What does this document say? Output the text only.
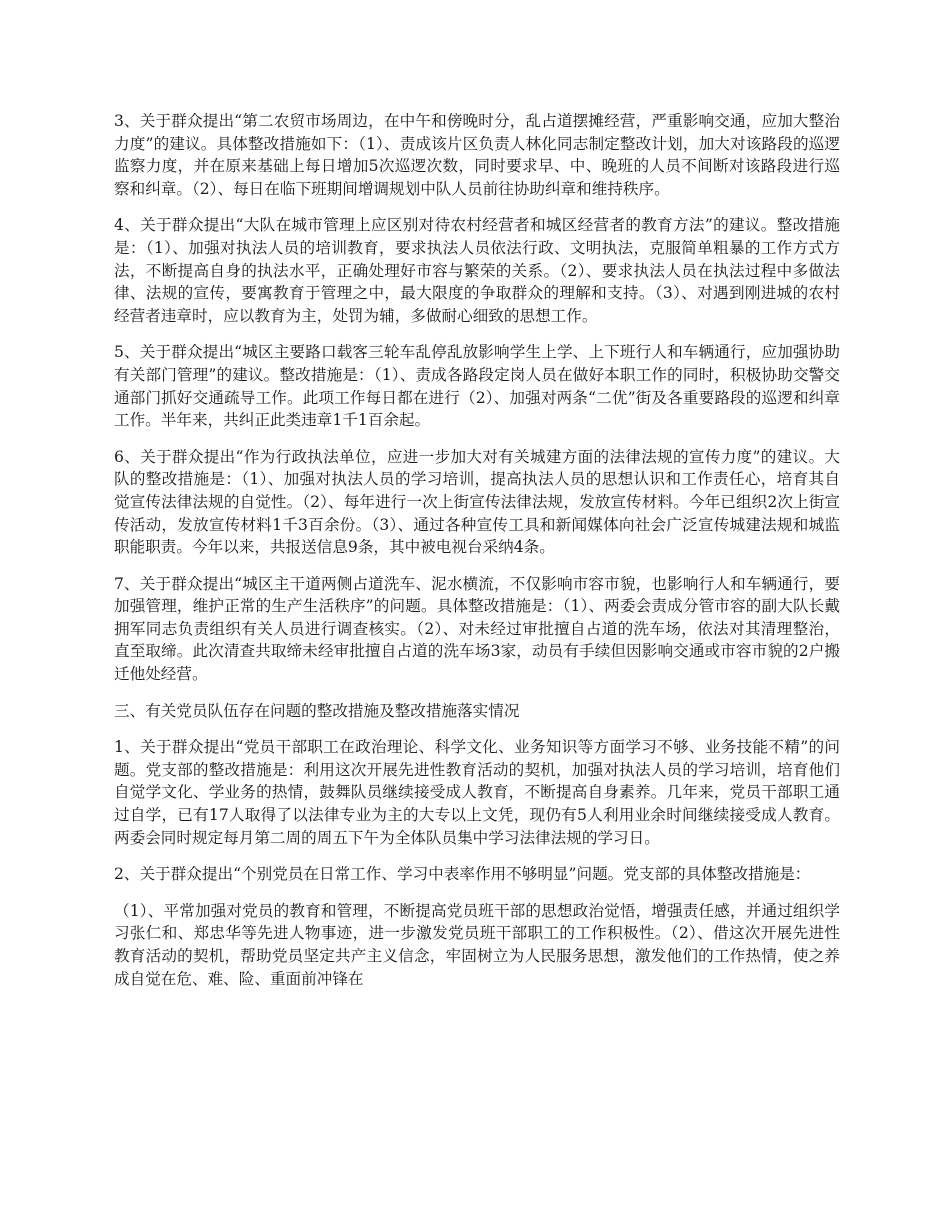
3、关于群众提出“第二农贸市场周边，在中午和傍晚时分，乱占道摆摊经营，严重影响交通，应加大整治力度”的建议。具体整改措施如下：（1）、责成该片区负责人林化同志制定整改计划，加大对该路段的巡逻监察力度，并在原来基础上每日增加5次巡逻次数，同时要求早、中、晚班的人员不间断对该路段进行巡察和纠章。（2）、每日在临下班期间增调规划中队人员前往协助纠章和维持秩序。

4、关于群众提出“大队在城市管理上应区别对待农村经营者和城区经营者的教育方法”的建议。整改措施是：（1）、加强对执法人员的培训教育，要求执法人员依法行政、文明执法，克服简单粗暴的工作方式方法，不断提高自身的执法水平，正确处理好市容与繁荣的关系。（2）、要求执法人员在执法过程中多做法律、法规的宣传，要寓教育于管理之中，最大限度的争取群众的理解和支持。（3）、对遇到刚进城的农村经营者违章时，应以教育为主，处罚为辅，多做耐心细致的思想工作。

5、关于群众提出“城区主要路口载客三轮车乱停乱放影响学生上学、上下班行人和车辆通行，应加强协助有关部门管理”的建议。整改措施是：（1）、责成各路段定岗人员在做好本职工作的同时，积极协助交警交通部门抓好交通疏导工作。此项工作每日都在进行（2）、加强对两条“二优”街及各重要路段的巡逻和纠章工作。半年来，共纠正此类违章1千1百余起。

6、关于群众提出“作为行政执法单位，应进一步加大对有关城建方面的法律法规的宣传力度”的建议。大队的整改措施是：（1）、加强对执法人员的学习培训，提高执法人员的思想认识和工作责任心，培育其自觉宣传法律法规的自觉性。（2）、每年进行一次上街宣传法律法规，发放宣传材料。今年已组织2次上街宣传活动，发放宣传材料1千3百余份。（3）、通过各种宣传工具和新闻媒体向社会广泛宣传城建法规和城监职能职责。今年以来，共报送信息9条，其中被电视台采纳4条。

7、关于群众提出“城区主干道两侧占道洗车、泥水横流，不仅影响市容市貌，也影响行人和车辆通行，要加强管理，维护正常的生产生活秩序”的问题。具体整改措施是：（1）、两委会责成分管市容的副大队长戴拥军同志负责组织有关人员进行调查核实。（2）、对未经过审批擅自占道的洗车场，依法对其清理整治，直至取缔。此次清查共取缔未经审批擅自占道的洗车场3家，动员有手续但因影响交通或市容市貌的2户搬迁他处经营。

三、有关党员队伍存在问题的整改措施及整改措施落实情况

1、关于群众提出“党员干部职工在政治理论、科学文化、业务知识等方面学习不够、业务技能不精”的问题。党支部的整改措施是：利用这次开展先进性教育活动的契机，加强对执法人员的学习培训，培育他们自觉学文化、学业务的热情，鼓舞队员继续接受成人教育，不断提高自身素养。几年来，党员干部职工通过自学，已有17人取得了以法律专业为主的大专以上文凭，现仍有5人利用业余时间继续接受成人教育。两委会同时规定每月第二周的周五下午为全体队员集中学习法律法规的学习日。

2、关于群众提出“个别党员在日常工作、学习中表率作用不够明显”问题。党支部的具体整改措施是：

（1）、平常加强对党员的教育和管理，不断提高党员班干部的思想政治觉悟，增强责任感，并通过组织学习张仁和、郑忠华等先进人物事迹，进一步激发党员班干部职工的工作积极性。（2）、借这次开展先进性教育活动的契机，帮助党员坚定共产主义信念，牢固树立为人民服务思想，激发他们的工作热情，使之养成自觉在危、难、险、重面前冲锋在
